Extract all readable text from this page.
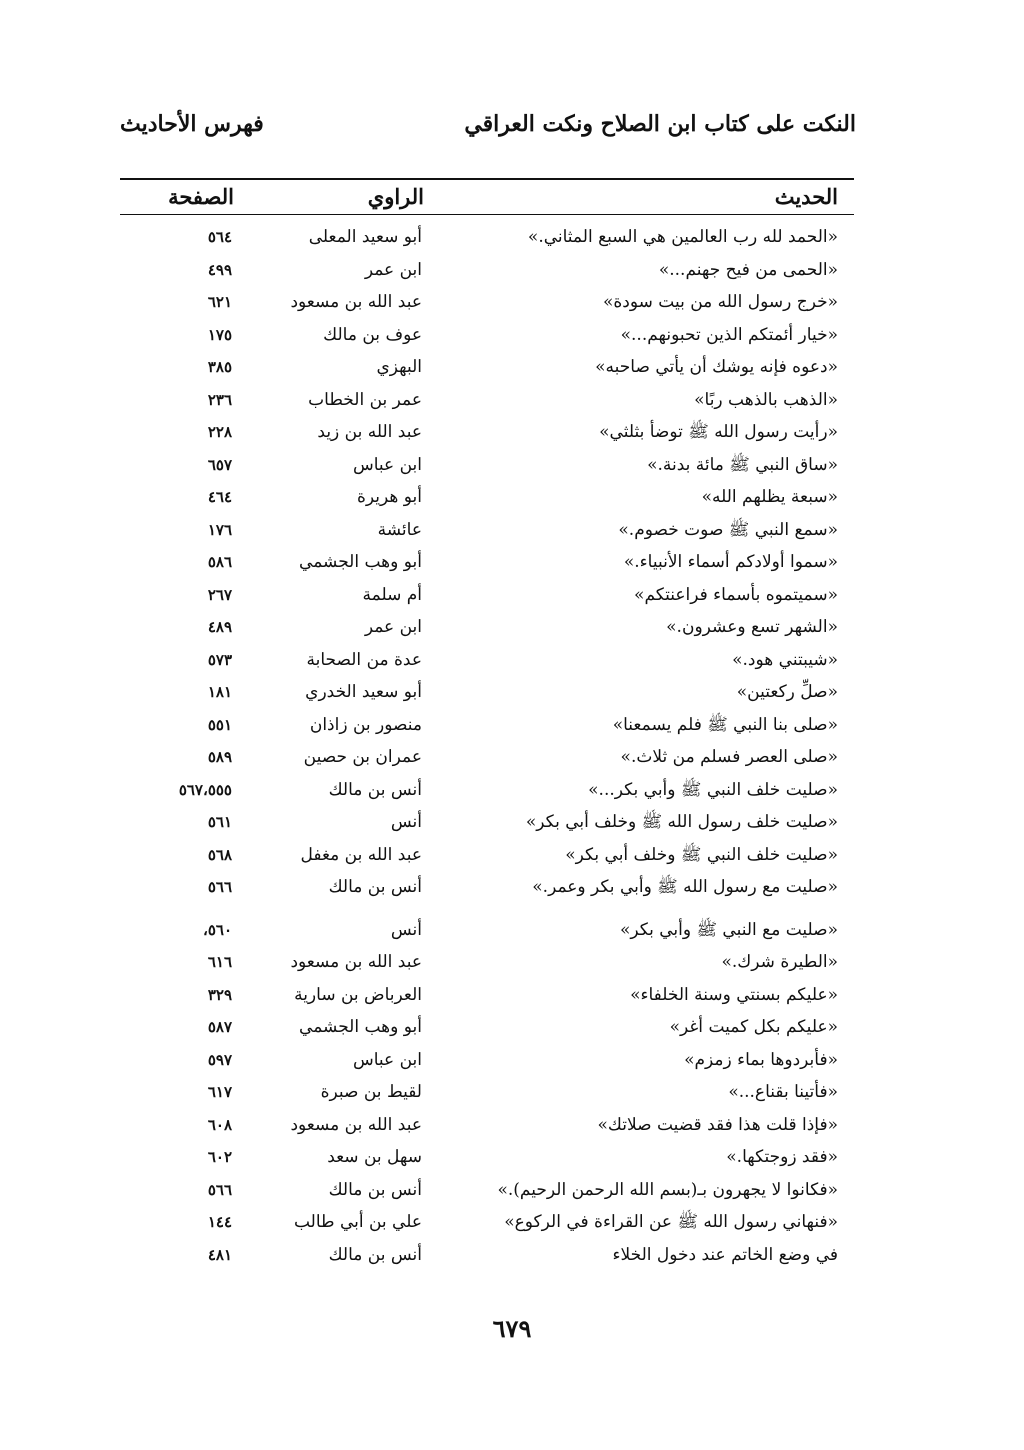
النكت على كتاب ابن الصلاح ونكت العراقي
فهرس الأحاديث
الحديث
الراوي
الصفحة
«الحمد لله رب العالمين هي السبع المثاني.»
أبو سعيد المعلى
٥٦٤
«الحمى من فيح جهنم...»
ابن عمر
٤٩٩
«خرج رسول الله من بيت سودة»
عبد الله بن مسعود
٦٢١
«خيار أئمتكم الذين تحبونهم...»
عوف بن مالك
١٧٥
«دعوه فإنه يوشك أن يأتي صاحبه»
البهزي
٣٨٥
«الذهب بالذهب ربًا»
عمر بن الخطاب
٢٣٦
«رأيت رسول الله ﷺ توضأ بثلثي»
عبد الله بن زيد
٢٢٨
«ساق النبي ﷺ مائة بدنة.»
ابن عباس
٦٥٧
«سبعة يظلهم الله»
أبو هريرة
٤٦٤
«سمع النبي ﷺ صوت خصوم.»
عائشة
١٧٦
«سموا أولادكم أسماء الأنبياء.»
أبو وهب الجشمي
٥٨٦
«سميتموه بأسماء فراعنتكم»
أم سلمة
٢٦٧
«الشهر تسع وعشرون.»
ابن عمر
٤٨٩
«شيبتني هود.»
عدة من الصحابة
٥٧٣
«صلِّ ركعتين»
أبو سعيد الخدري
١٨١
«صلى بنا النبي ﷺ فلم يسمعنا»
منصور بن زاذان
٥٥١
«صلى العصر فسلم من ثلاث.»
عمران بن حصين
٥٨٩
«صليت خلف النبي ﷺ وأبي بكر...»
أنس بن مالك
٥٦٧،٥٥٥
«صليت خلف رسول الله ﷺ وخلف أبي بكر»
أنس
٥٦١
«صليت خلف النبي ﷺ وخلف أبي بكر»
عبد الله بن مغفل
٥٦٨
«صليت مع رسول الله ﷺ وأبي بكر وعمر.»
أنس بن مالك
٥٦٦
«صليت مع النبي ﷺ وأبي بكر»
أنس
٥٦٠،
«الطيرة شرك.»
عبد الله بن مسعود
٦١٦
«عليكم بسنتي وسنة الخلفاء»
العرباض بن سارية
٣٢٩
«عليكم بكل كميت أغر»
أبو وهب الجشمي
٥٨٧
«فأبردوها بماء زمزم»
ابن عباس
٥٩٧
«فأتينا بقناع...»
لقيط بن صبرة
٦١٧
«فإذا قلت هذا فقد قضيت صلاتك»
عبد الله بن مسعود
٦٠٨
«فقد زوجتكها.»
سهل بن سعد
٦٠٢
«فكانوا لا يجهرون بـ(بسم الله الرحمن الرحيم).»
أنس بن مالك
٥٦٦
«فنهاني رسول الله ﷺ عن القراءة في الركوع»
علي بن أبي طالب
١٤٤
في وضع الخاتم عند دخول الخلاء
أنس بن مالك
٤٨١
٦٧٩
